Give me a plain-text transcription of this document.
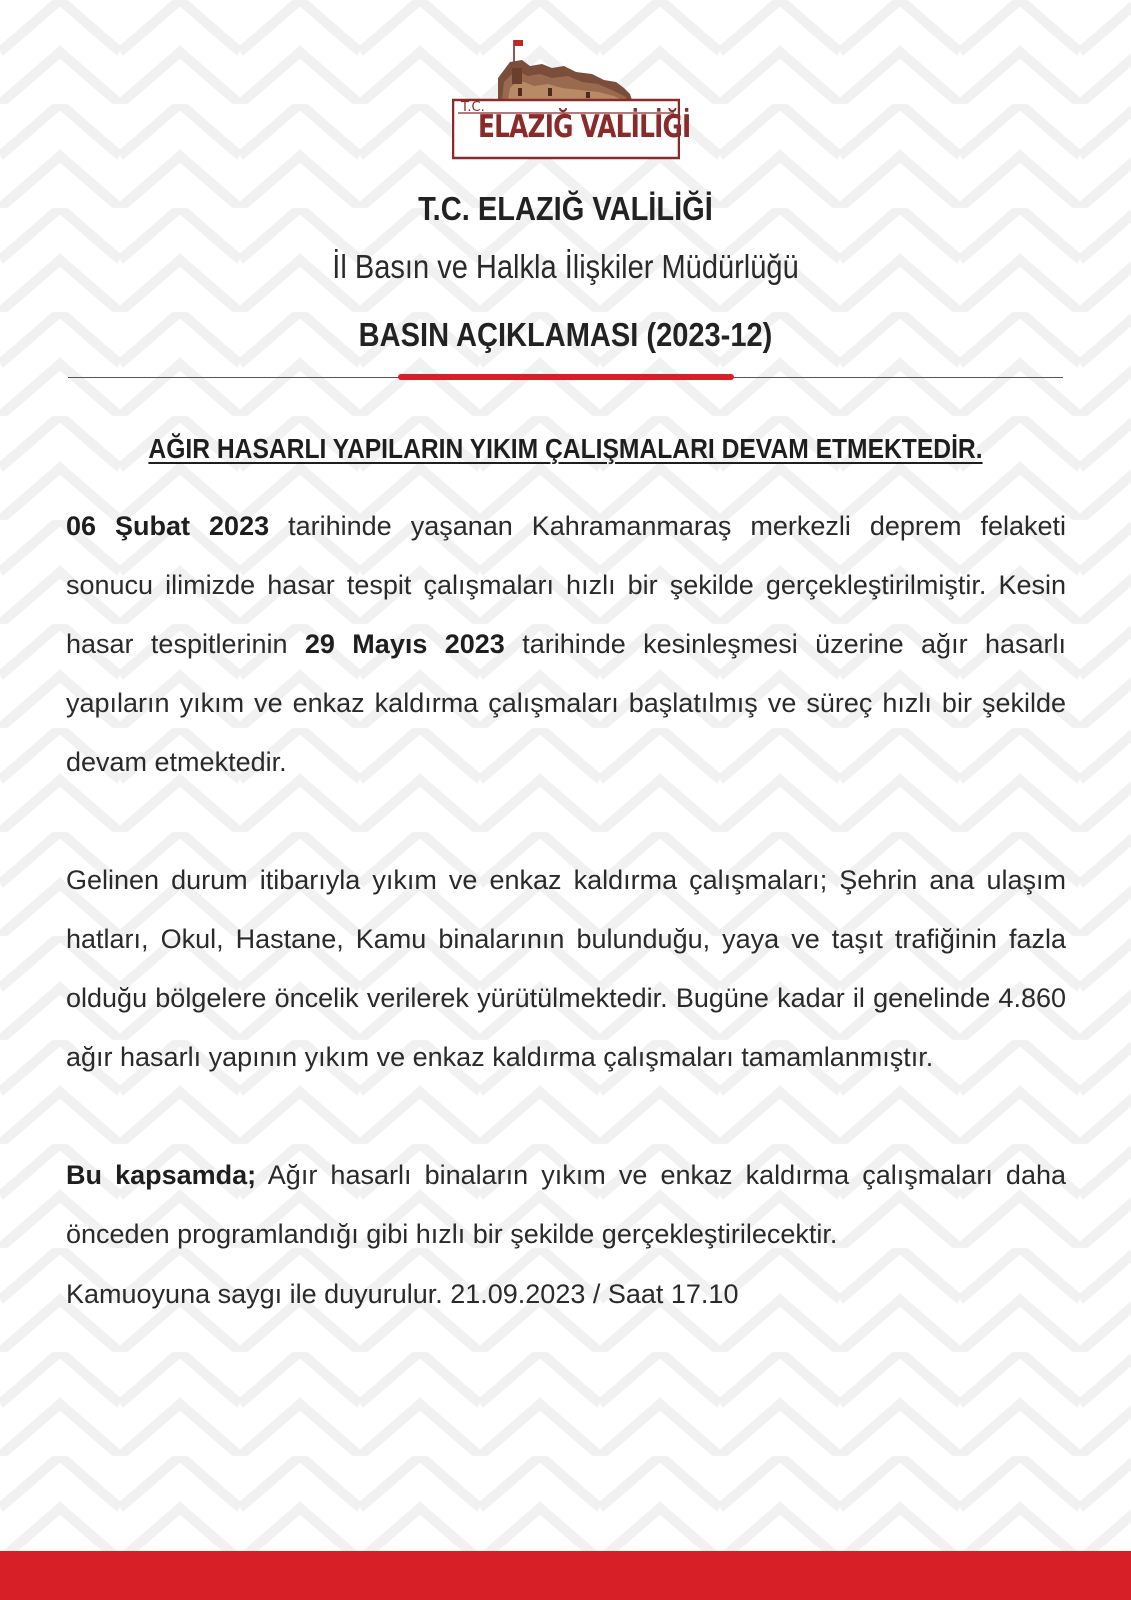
T.C.
ELAZIĞ VALİLİĞİ
T.C. ELAZIĞ VALİLİĞİ
İl Basın ve Halkla İlişkiler Müdürlüğü
BASIN AÇIKLAMASI (2023-12)
AĞIR HASARLI YAPILARIN YIKIM ÇALIŞMALARI DEVAM ETMEKTEDİR.

06 Şubat 2023 tarihinde yaşanan Kahramanmaraş merkezli deprem felaketi sonucu ilimizde hasar tespit çalışmaları hızlı bir şekilde gerçekleştirilmiştir. Kesin hasar tespitlerinin 29 Mayıs 2023 tarihinde kesinleşmesi üzerine ağır hasarlı yapıların yıkım ve enkaz kaldırma çalışmaları başlatılmış ve süreç hızlı bir şekilde devam etmektedir.

Gelinen durum itibarıyla yıkım ve enkaz kaldırma çalışmaları; Şehrin ana ulaşım hatları, Okul, Hastane, Kamu binalarının bulunduğu, yaya ve taşıt trafiğinin fazla olduğu bölgelere öncelik verilerek yürütülmektedir. Bugüne kadar il genelinde 4.860 ağır hasarlı yapının yıkım ve enkaz kaldırma çalışmaları tamamlanmıştır.

Bu kapsamda; Ağır hasarlı binaların yıkım ve enkaz kaldırma çalışmaları daha önceden programlandığı gibi hızlı bir şekilde gerçekleştirilecektir.

Kamuoyuna saygı ile duyurulur. 21.09.2023 / Saat 17.10
